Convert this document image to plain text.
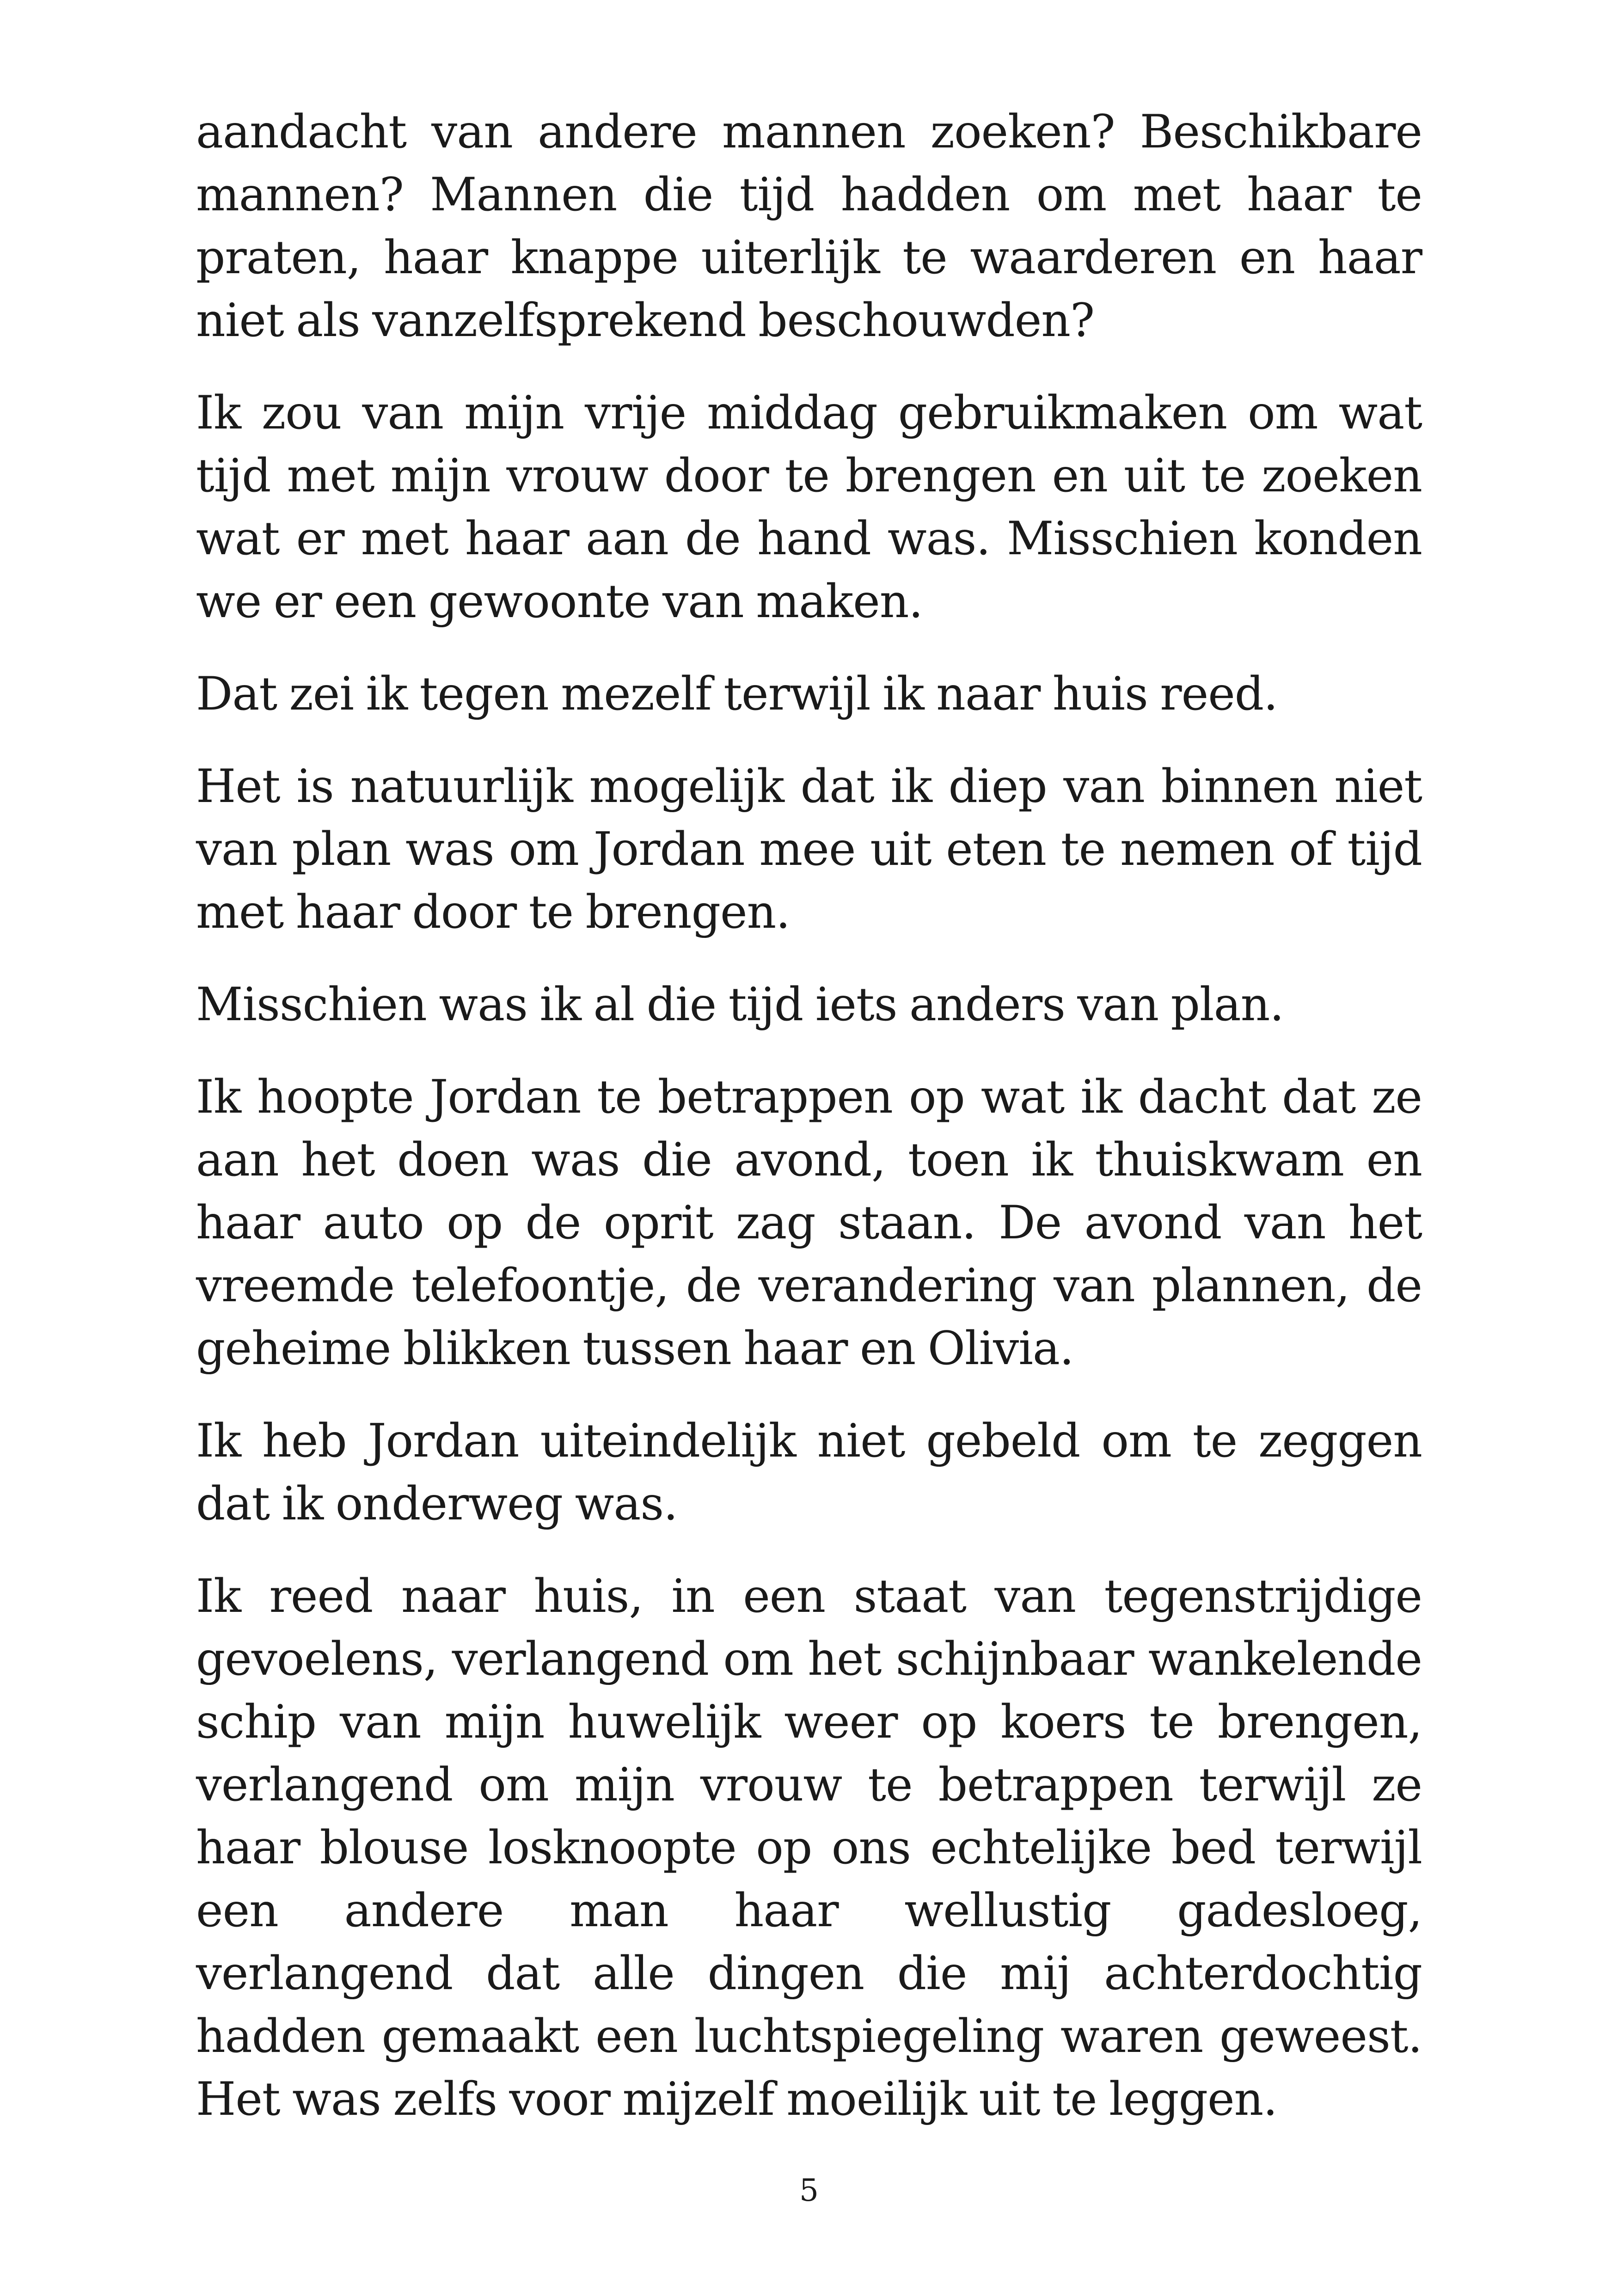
aandacht van andere mannen zoeken? Beschikbare mannen? Mannen die tijd hadden om met haar te praten, haar knappe uiterlijk te waarderen en haar niet als vanzelfsprekend beschouwden?

Ik zou van mijn vrije middag gebruikmaken om wat tijd met mijn vrouw door te brengen en uit te zoeken wat er met haar aan de hand was. Misschien konden we er een gewoonte van maken.

Dat zei ik tegen mezelf terwijl ik naar huis reed.

Het is natuurlijk mogelijk dat ik diep van binnen niet van plan was om Jordan mee uit eten te nemen of tijd met haar door te brengen.

Misschien was ik al die tijd iets anders van plan.

Ik hoopte Jordan te betrappen op wat ik dacht dat ze aan het doen was die avond, toen ik thuiskwam en haar auto op de oprit zag staan. De avond van het vreemde telefoontje, de verandering van plannen, de geheime blikken tussen haar en Olivia.

Ik heb Jordan uiteindelijk niet gebeld om te zeggen dat ik onderweg was.

Ik reed naar huis, in een staat van tegenstrijdige gevoelens, verlangend om het schijnbaar wankelende schip van mijn huwelijk weer op koers te brengen, verlangend om mijn vrouw te betrappen terwijl ze haar blouse losknoopte op ons echtelijke bed terwijl een andere man haar wellustig gadesloeg, verlangend dat alle dingen die mij achterdochtig hadden gemaakt een luchtspiegeling waren geweest. Het was zelfs voor mijzelf moeilijk uit te leggen.

5
